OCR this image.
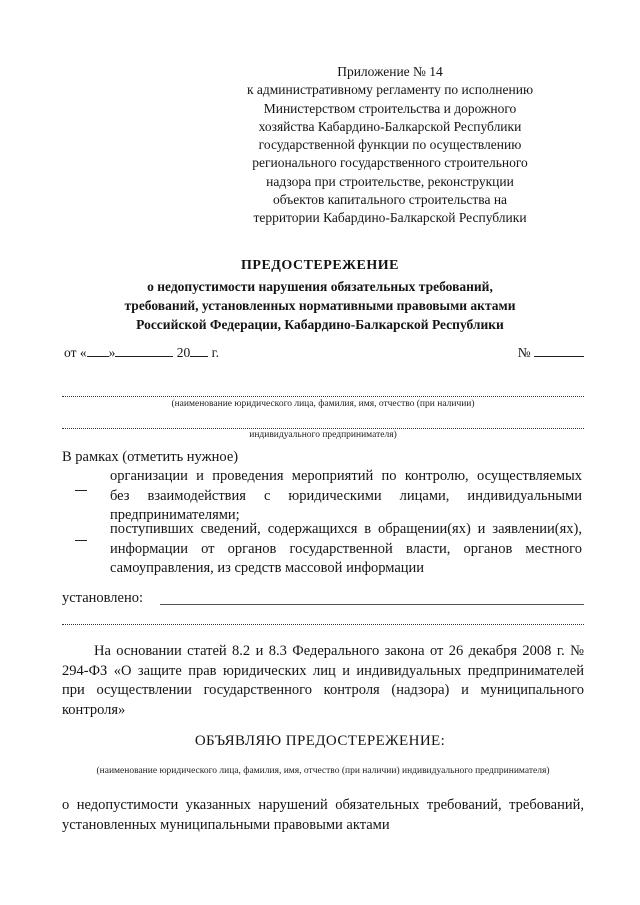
Приложение № 14
к административному регламенту по исполнению
Министерством строительства и дорожного
хозяйства Кабардино-Балкарской Республики
государственной функции по осуществлению
регионального государственного строительного
надзора при строительстве, реконструкции
объектов капитального строительства на
территории Кабардино-Балкарской Республики
ПРЕДОСТЕРЕЖЕНИЕ
о недопустимости нарушения обязательных требований,
требований, установленных нормативными правовыми актами
Российской Федерации, Кабардино-Балкарской Республики
от « »	20 г.	№
(наименование юридического лица, фамилия, имя, отчество (при наличии)
индивидуального предпринимателя)
В рамках (отметить нужное)
организации и проведения мероприятий по контролю, осуществляемых
без взаимодействия с юридическими лицами, индивидуальными
предпринимателями;
поступивших сведений, содержащихся в обращении(ях) и заявлении(ях),
информации от органов государственной власти, органов местного
самоуправления, из средств массовой информации
установлено:
На основании статей 8.2 и 8.3 Федерального закона от 26 декабря 2008 г. №
294-ФЗ «О защите прав юридических лиц и индивидуальных предпринимателей
при осуществлении государственного контроля (надзора) и муниципального
контроля»
ОБЪЯВЛЯЮ ПРЕДОСТЕРЕЖЕНИЕ:
(наименование юридического лица, фамилия, имя, отчество (при наличии) индивидуального предпринимателя)
о недопустимости указанных нарушений обязательных требований, требований,
установленных муниципальными правовыми актами
